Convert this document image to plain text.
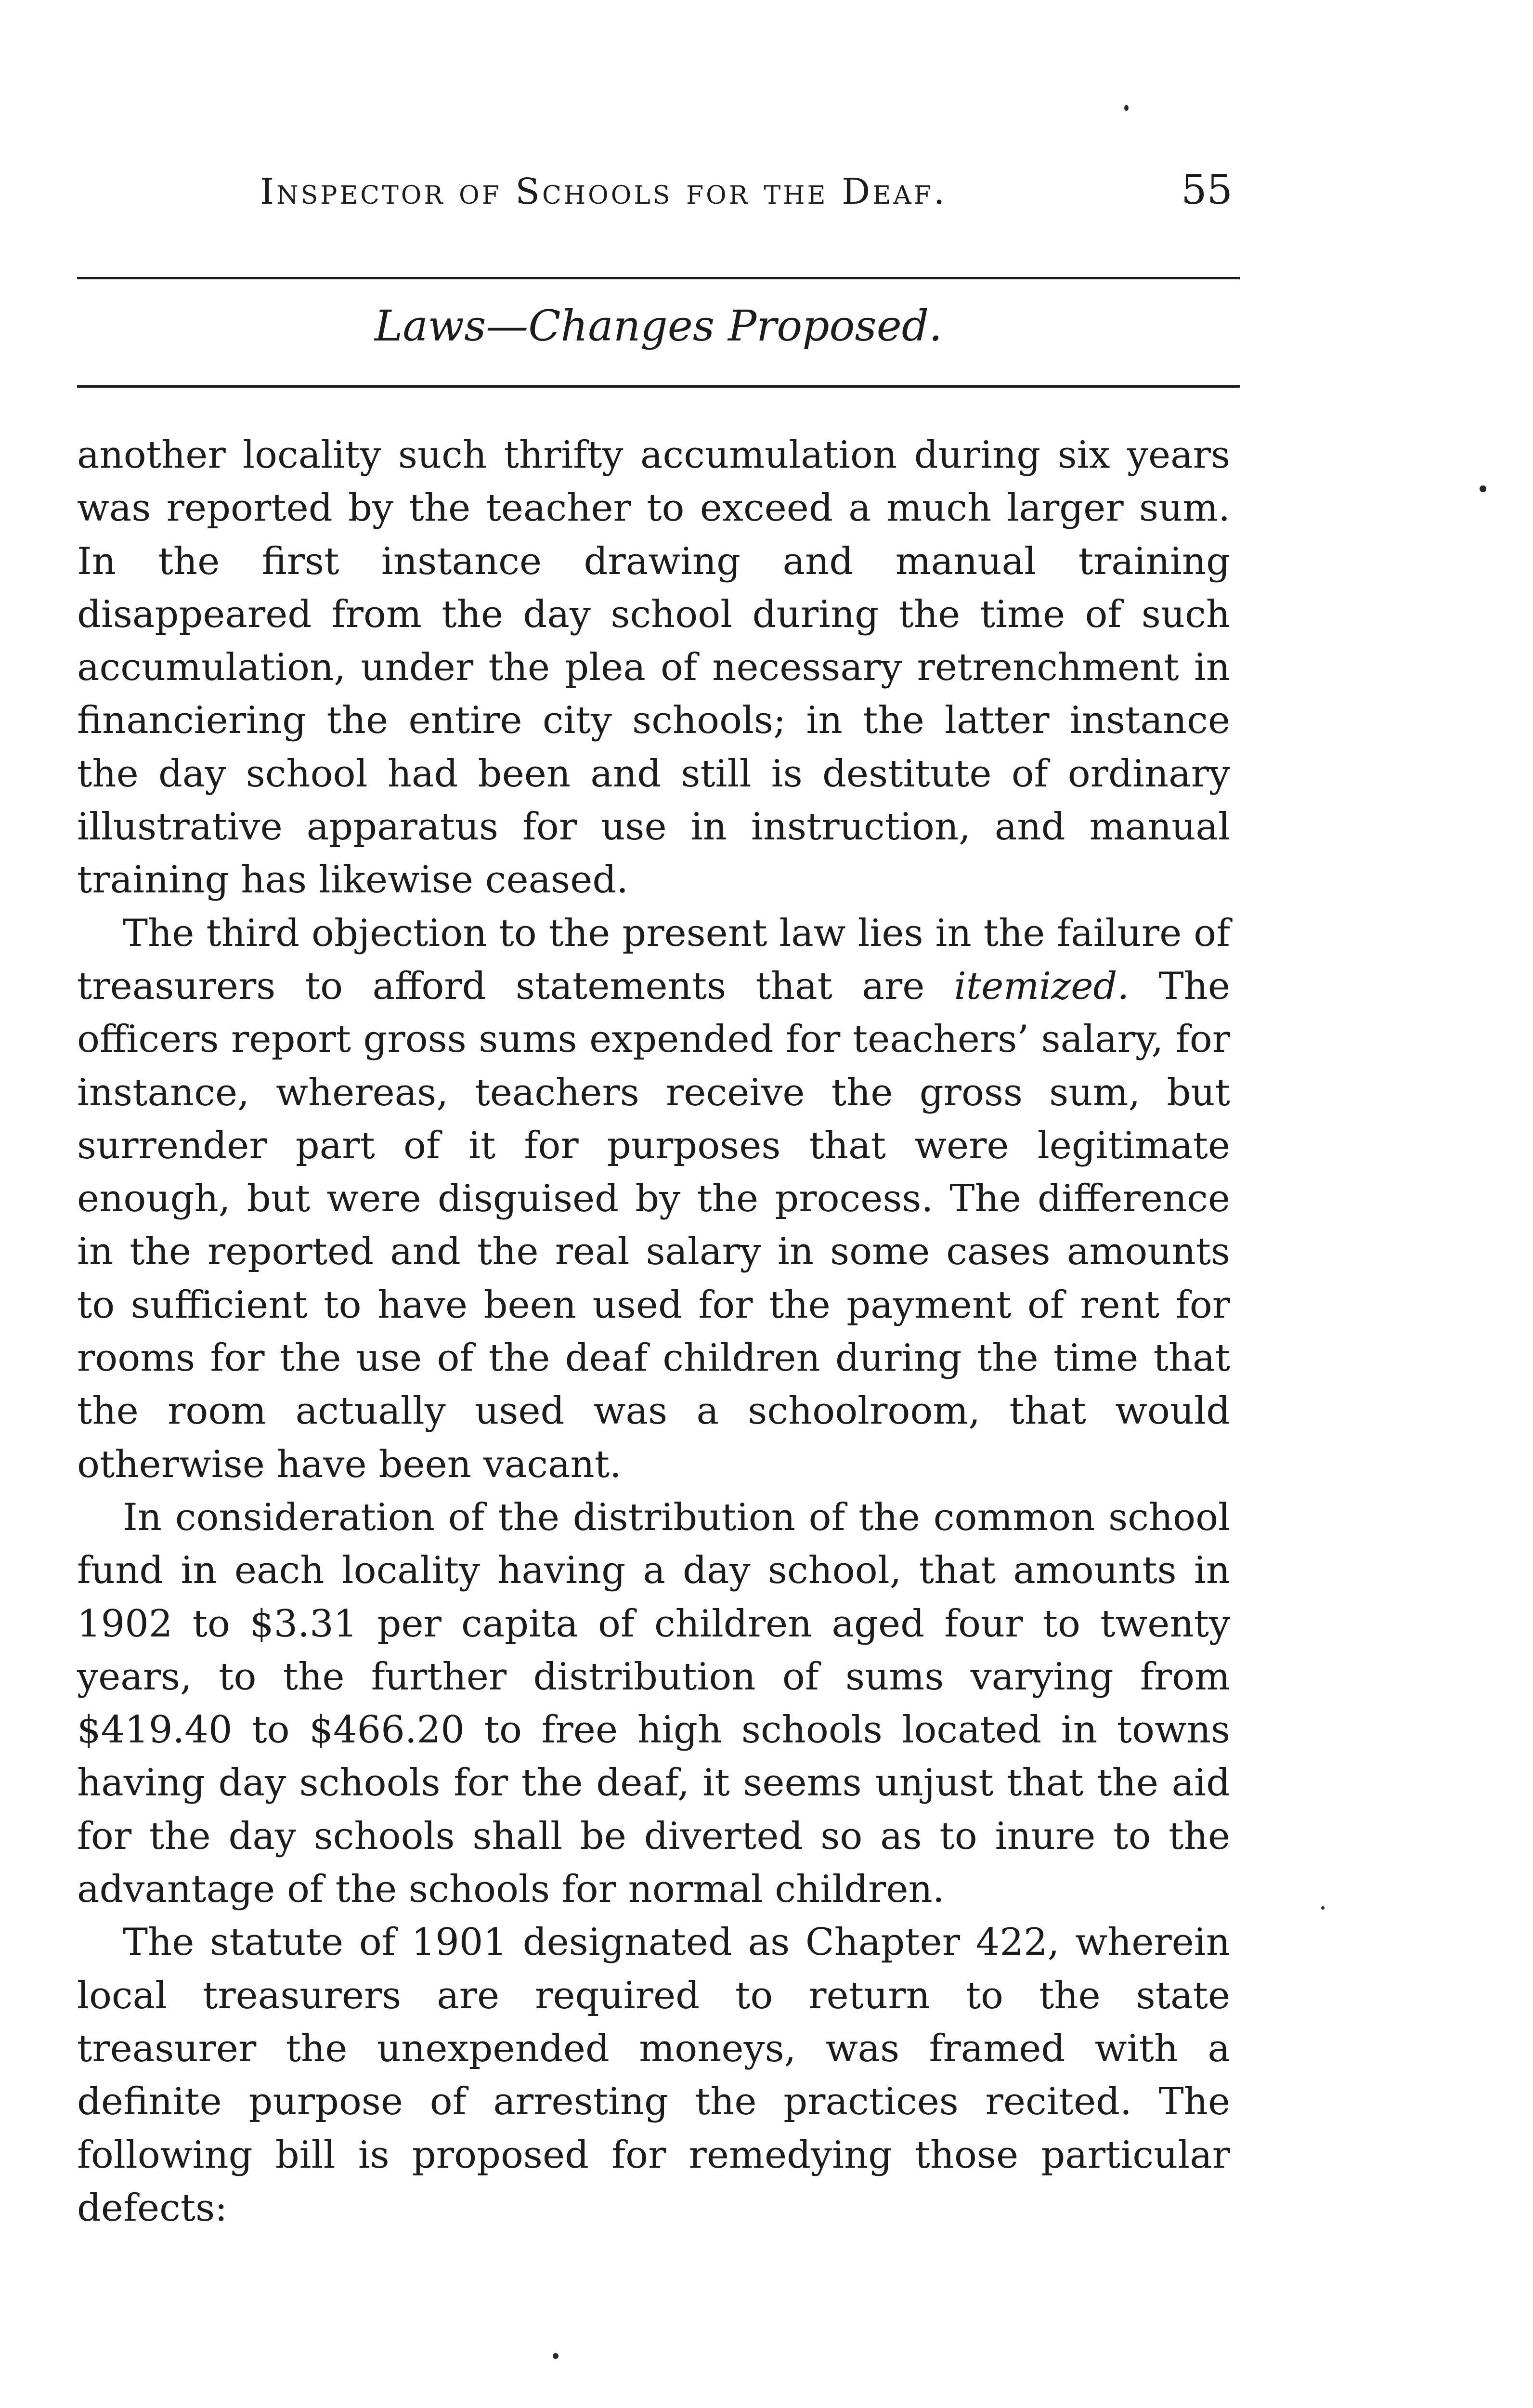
Inspector of Schools for the Deaf.	55
Laws—Changes Proposed.

another locality such thrifty accumulation during six years was reported by the teacher to exceed a much larger sum. In the first instance drawing and manual training disappeared from the day school during the time of such accumulation, under the plea of necessary retrenchment in financiering the entire city schools; in the latter instance the day school had been and still is destitute of ordinary illustrative apparatus for use in instruction, and manual training has likewise ceased.

The third objection to the present law lies in the failure of treasurers to afford statements that are itemized. The officers report gross sums expended for teachers’ salary, for instance, whereas, teachers receive the gross sum, but surrender part of it for purposes that were legitimate enough, but were disguised by the process. The difference in the reported and the real salary in some cases amounts to sufficient to have been used for the payment of rent for rooms for the use of the deaf children during the time that the room actually used was a schoolroom, that would otherwise have been vacant.

In consideration of the distribution of the common school fund in each locality having a day school, that amounts in 1902 to $3.31 per capita of children aged four to twenty years, to the further distribution of sums varying from $419.40 to $466.20 to free high schools located in towns having day schools for the deaf, it seems unjust that the aid for the day schools shall be diverted so as to inure to the advantage of the schools for normal children.

The statute of 1901 designated as Chapter 422, wherein local treasurers are required to return to the state treasurer the unexpended moneys, was framed with a definite purpose of arresting the practices recited. The following bill is proposed for remedying those particular defects:
